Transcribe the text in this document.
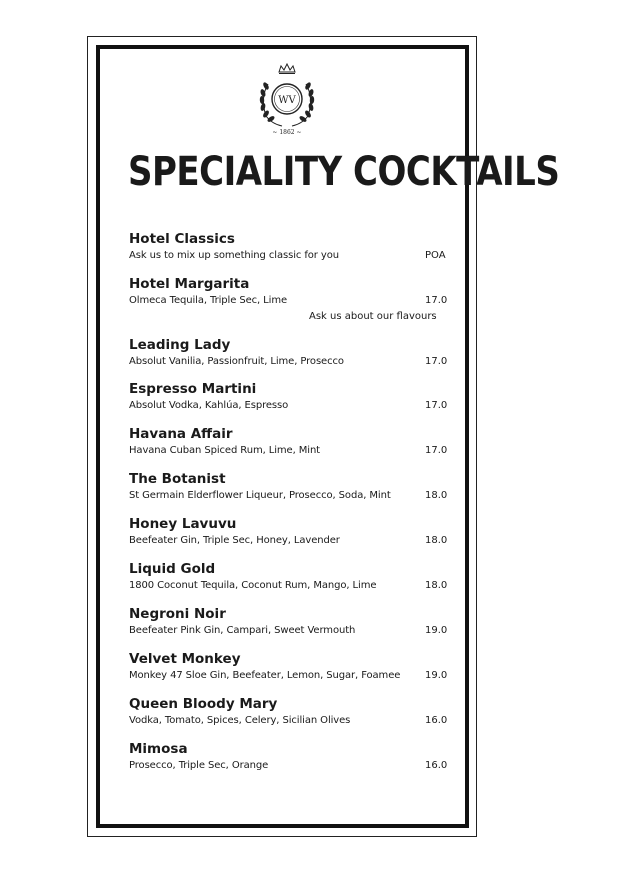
WV
~ 1862 ~
SPECIALITY COCKTAILS
Hotel Classics
Ask us to mix up something classic for you	POA
Hotel Margarita
Olmeca Tequila, Triple Sec, Lime	17.0
Leading Lady
Absolut Vanilia, Passionfruit, Lime, Prosecco	17.0
Espresso Martini
Absolut Vodka, Kahlúa, Espresso	17.0
Havana Affair
Havana Cuban Spiced Rum, Lime, Mint	17.0
The Botanist
St Germain Elderflower Liqueur, Prosecco, Soda, Mint	18.0
Honey Lavuvu
Beefeater Gin, Triple Sec, Honey, Lavender	18.0
Liquid Gold
1800 Coconut Tequila, Coconut Rum, Mango, Lime	18.0
Negroni Noir
Beefeater Pink Gin, Campari, Sweet Vermouth	19.0
Velvet Monkey
Monkey 47 Sloe Gin, Beefeater, Lemon, Sugar, Foamee 19.0
Queen Bloody Mary
Vodka, Tomato, Spices, Celery, Sicilian Olives	16.0
Mimosa
Prosecco, Triple Sec, Orange	16.0
Ask us about our flavours
